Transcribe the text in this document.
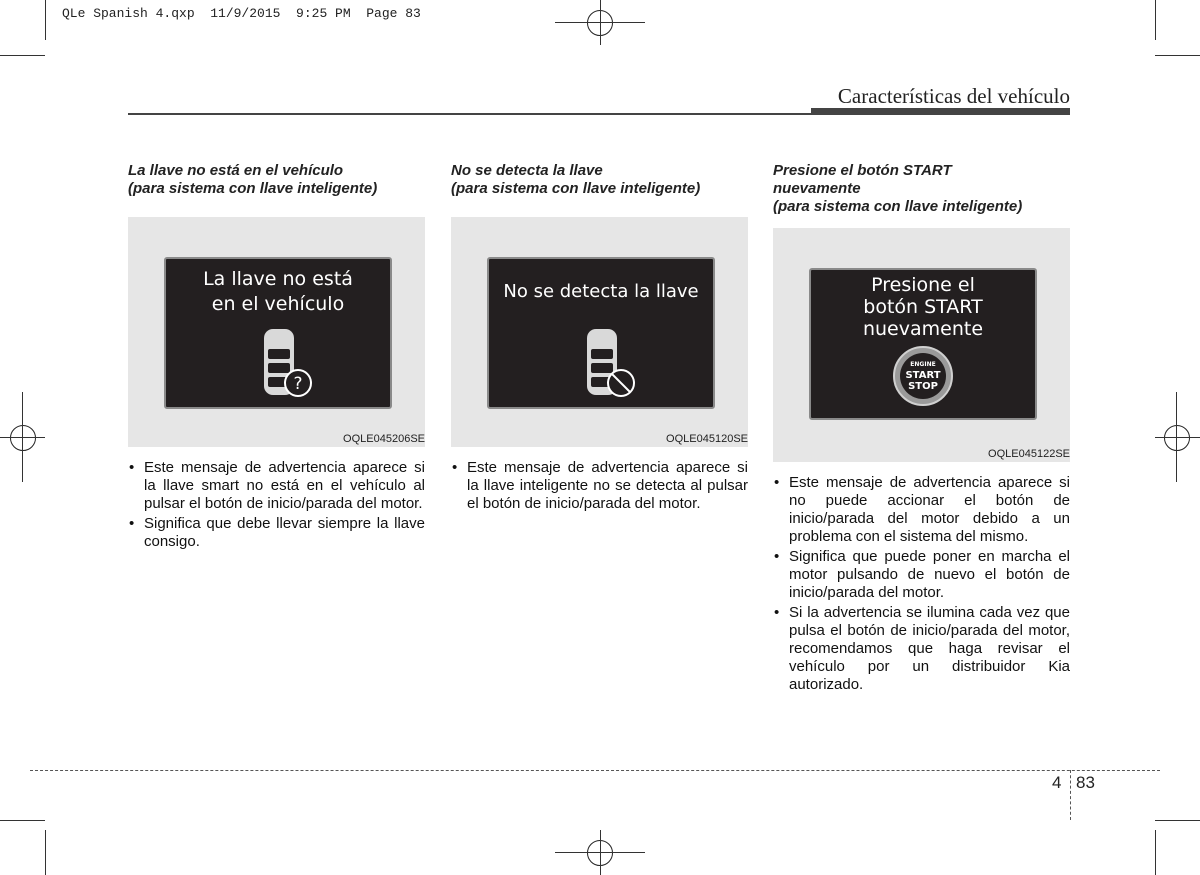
QLe Spanish 4.qxp  11/9/2015  9:25 PM  Page 83
Características del vehículo
La llave no está en el vehículo
(para sistema con llave inteligente)
La llave no está
en el vehículo
?
OQLE045206SE
• Este mensaje de advertencia aparece si la llave smart no está en el vehículo al pulsar el botón de inicio/parada del motor.
• Significa que debe llevar siempre la llave consigo.
No se detecta la llave
(para sistema con llave inteligente)
No se detecta la llave
OQLE045120SE
• Este mensaje de advertencia aparece si la llave inteligente no se detecta al pulsar el botón de inicio/parada del motor.
Presione el botón START
nuevamente
(para sistema con llave inteligente)
Presione el
botón START
nuevamente
ENGINE
START
STOP
OQLE045122SE
• Este mensaje de advertencia aparece si no puede accionar el botón de inicio/parada del motor debido a un problema con el sistema del mismo.
• Significa que puede poner en marcha el motor pulsando de nuevo el botón de inicio/parada del motor.
• Si la advertencia se ilumina cada vez que pulsa el botón de inicio/parada del motor, recomendamos que haga revisar el vehículo por un distribuidor Kia autorizado.
4 83
